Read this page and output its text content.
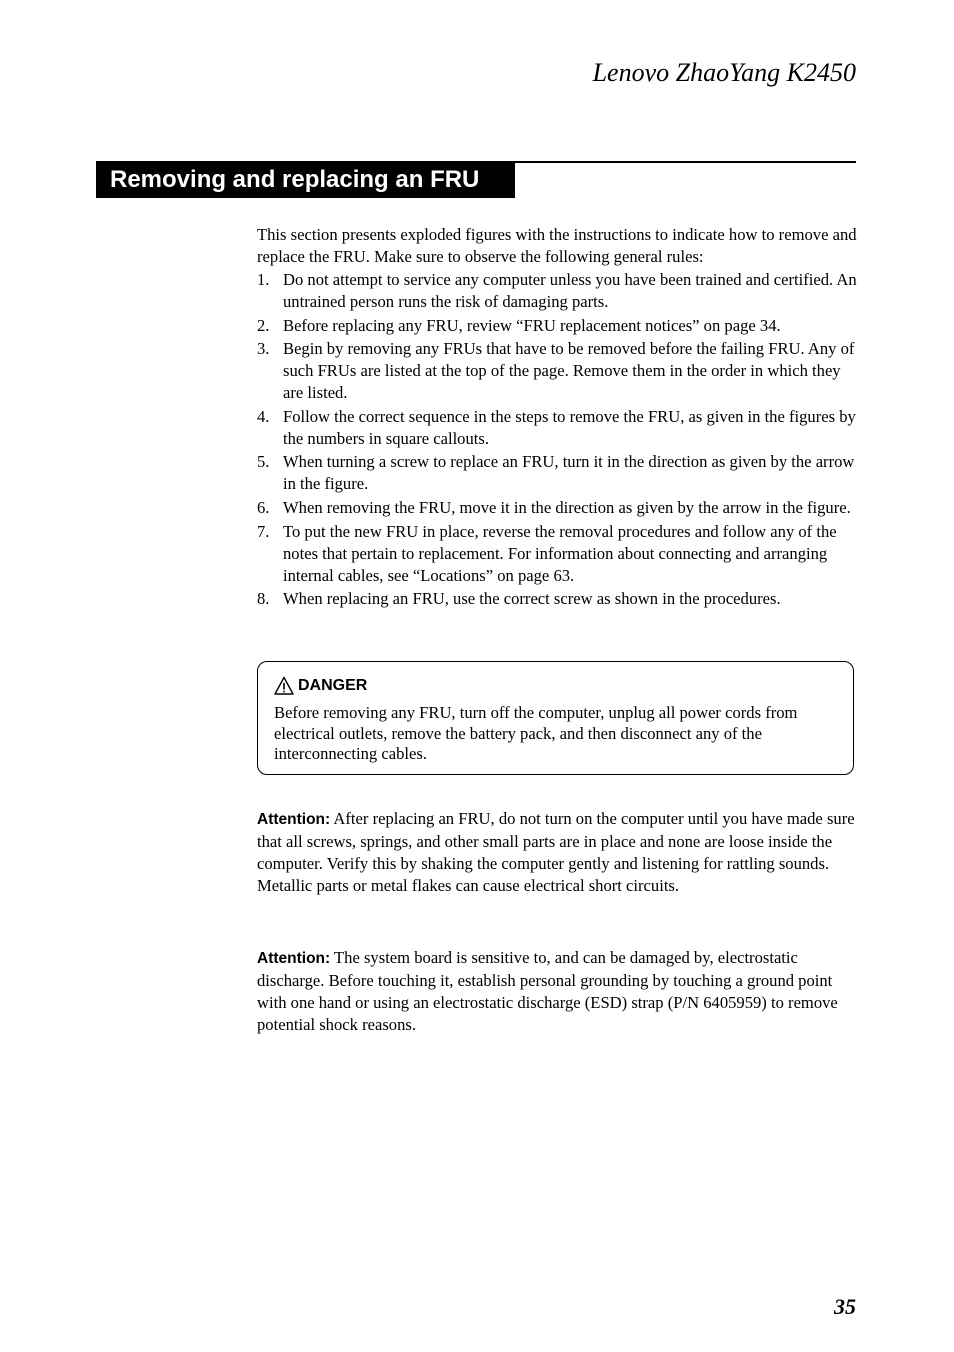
Lenovo ZhaoYang K2450
Removing and replacing an FRU

This section presents exploded figures with the instructions to indicate how to remove and replace the FRU. Make sure to observe the following general rules:

1. Do not attempt to service any computer unless you have been trained and certified. An untrained person runs the risk of damaging parts.
2. Before replacing any FRU, review “FRU replacement notices” on page 34.
3. Begin by removing any FRUs that have to be removed before the failing FRU. Any of such FRUs are listed at the top of the page. Remove them in the order in which they are listed.
4. Follow the correct sequence in the steps to remove the FRU, as given in the figures by the numbers in square callouts.
5. When turning a screw to replace an FRU, turn it in the direction as given by the arrow in the figure.
6. When removing the FRU, move it in the direction as given by the arrow in the figure.
7. To put the new FRU in place, reverse the removal procedures and follow any of the notes that pertain to replacement. For information about connecting and arranging internal cables, see “Locations” on page 63.
8. When replacing an FRU, use the correct screw as shown in the procedures.
DANGER
Before removing any FRU, turn off the computer, unplug all power cords from electrical outlets, remove the battery pack, and then disconnect any of the interconnecting cables.

Attention: After replacing an FRU, do not turn on the computer until you have made sure that all screws, springs, and other small parts are in place and none are loose inside the computer. Verify this by shaking the computer gently and listening for rattling sounds. Metallic parts or metal flakes can cause electrical short circuits.

Attention: The system board is sensitive to, and can be damaged by, electrostatic discharge. Before touching it, establish personal grounding by touching a ground point with one hand or using an electrostatic discharge (ESD) strap (P/N 6405959) to remove potential shock reasons.

35
